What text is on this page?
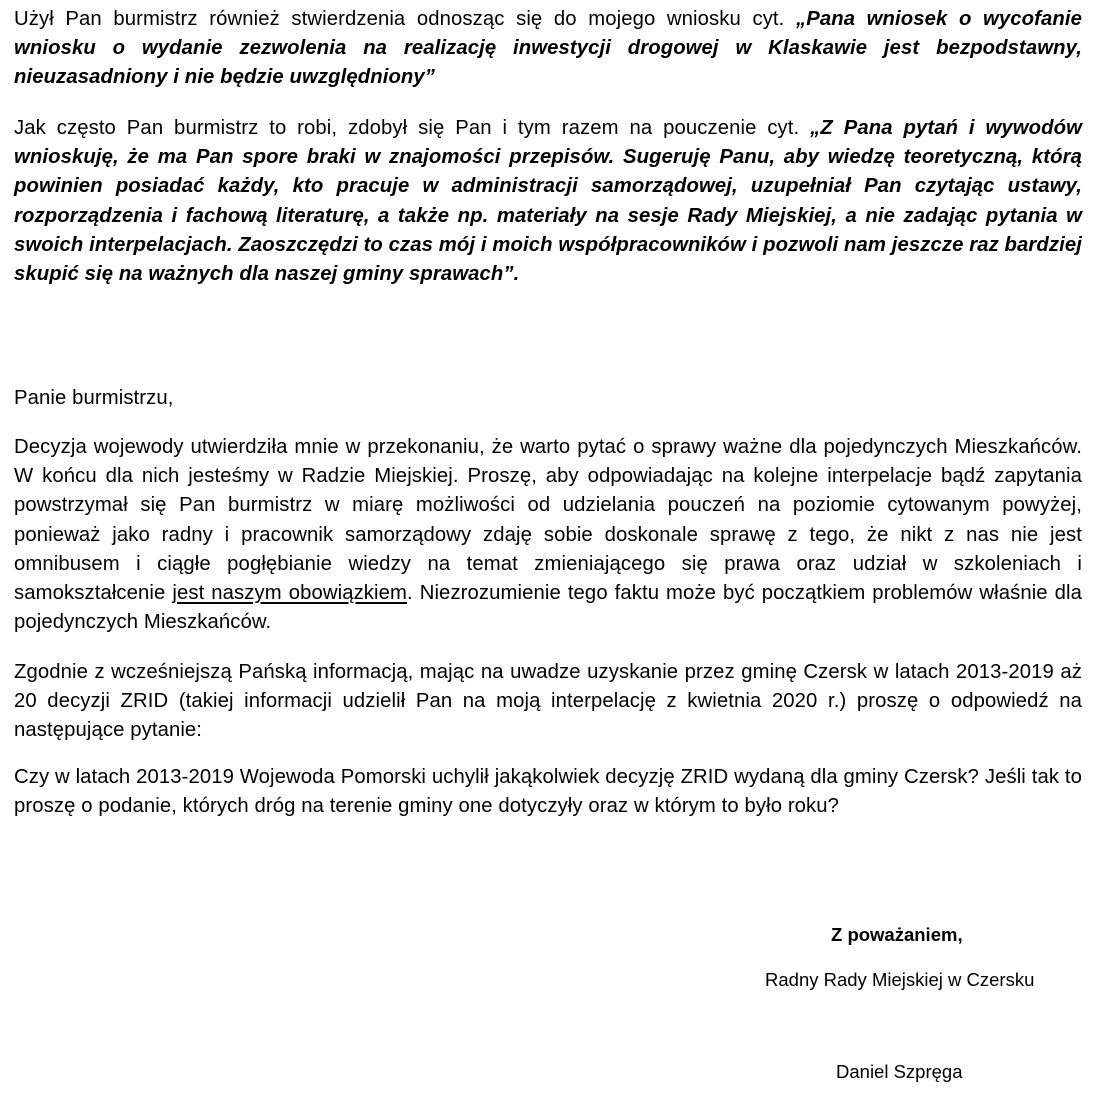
Użył Pan burmistrz również stwierdzenia odnosząc się do mojego wniosku cyt. „Pana wniosek o wycofanie wniosku o wydanie zezwolenia na realizację inwestycji drogowej w Klaskawie jest bezpodstawny, nieuzasadniony i nie będzie uwzględniony”

Jak często Pan burmistrz to robi, zdobył się Pan i tym razem na pouczenie cyt. „Z Pana pytań i wywodów wnioskuję, że ma Pan spore braki w znajomości przepisów. Sugeruję Panu, aby wiedzę teoretyczną, którą powinien posiadać każdy, kto pracuje w administracji samorządowej, uzupełniał Pan czytając ustawy, rozporządzenia i fachową literaturę, a także np. materiały na sesje Rady Miejskiej, a nie zadając pytania w swoich interpelacjach. Zaoszczędzi to czas mój i moich współpracowników i pozwoli nam jeszcze raz bardziej skupić się na ważnych dla naszej gminy sprawach”.

Panie burmistrzu,

Decyzja wojewody utwierdziła mnie w przekonaniu, że warto pytać o sprawy ważne dla pojedynczych Mieszkańców. W końcu dla nich jesteśmy w Radzie Miejskiej. Proszę, aby odpowiadając na kolejne interpelacje bądź zapytania powstrzymał się Pan burmistrz w miarę możliwości od udzielania pouczeń na poziomie cytowanym powyżej, ponieważ jako radny i pracownik samorządowy zdaję sobie doskonale sprawę z tego, że nikt z nas nie jest omnibusem i ciągłe pogłębianie wiedzy na temat zmieniającego się prawa oraz udział w szkoleniach i samokształcenie jest naszym obowiązkiem. Niezrozumienie tego faktu może być początkiem problemów właśnie dla pojedynczych Mieszkańców.

Zgodnie z wcześniejszą Pańską informacją, mając na uwadze uzyskanie przez gminę Czersk w latach 2013-2019 aż 20 decyzji ZRID (takiej informacji udzielił Pan na moją interpelację z kwietnia 2020 r.) proszę o odpowiedź na następujące pytanie:

Czy w latach 2013-2019 Wojewoda Pomorski uchylił jakąkolwiek decyzję ZRID wydaną dla gminy Czersk? Jeśli tak to proszę o podanie, których dróg na terenie gminy one dotyczyły oraz w którym to było roku?

Z poważaniem,
Radny Rady Miejskiej w Czersku
Daniel Szpręga
